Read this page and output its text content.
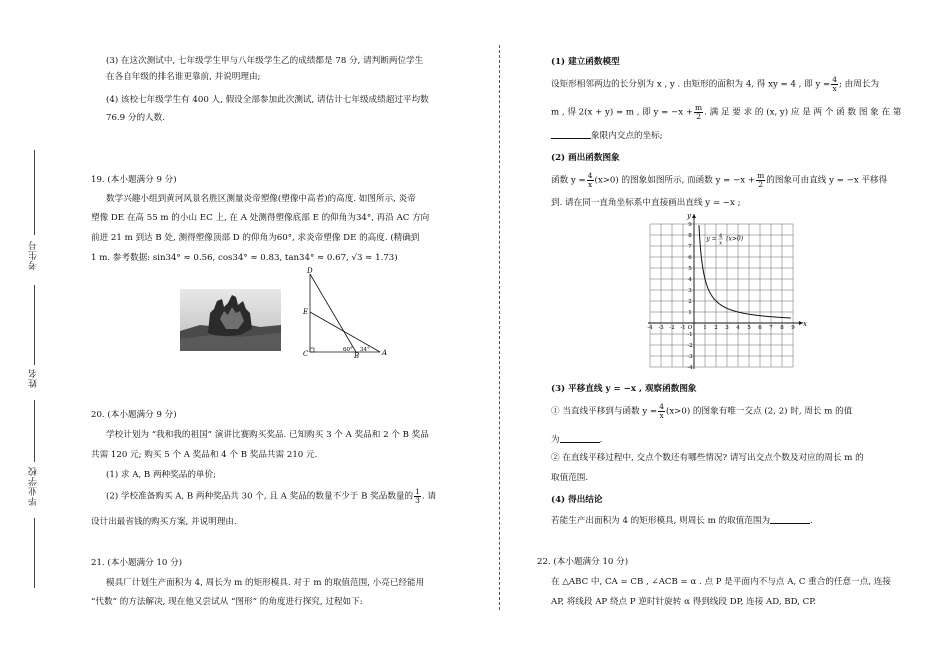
考生号
姓名
毕业学校
(3) 在这次测试中, 七年级学生甲与八年级学生乙的成绩都是 78 分, 请判断两位学生
在各自年级的排名谁更靠前, 并说明理由;
(4) 该校七年级学生有 400 人, 假设全部参加此次测试, 请估计七年级成绩超过平均数
76.9 分的人数.
19. (本小题满分 9 分)
数学兴趣小组到黄河风景名胜区测量炎帝塑像(塑像中高者)的高度. 如图所示, 炎帝
塑像 DE 在高 55 m 的小山 EC 上, 在 A 处测得塑像底部 E 的仰角为34°, 再沿 AC 方向
前进 21 m 到达 B 处, 测得塑像顶部 D 的仰角为60°, 求炎帝塑像 DE 的高度. (精确到
1 m. 参考数据: sin34° ≈ 0.56, cos34° ≈ 0.83, tan34° ≈ 0.67, √3 ≈ 1.73)
D
E
C	B	A
60° 34°
20. (本小题满分 9 分)
学校计划为 “我和我的祖国” 演讲比赛购买奖品. 已知购买 3 个 A 奖品和 2 个 B 奖品
共需 120 元; 购买 5 个 A 奖品和 4 个 B 奖品共需 210 元.
(1) 求 A, B 两种奖品的单价;
(2) 学校准备购买 A, B 两种奖品共 30 个, 且 A 奖品的数量不少于 B 奖品数量的 $\frac{1}{3}$ . 请
设计出最省钱的购买方案, 并说明理由.
21. (本小题满分 10 分)
模具厂计划生产面积为 4, 周长为 m 的矩形模具. 对于 m 的取值范围, 小亮已经能用
“代数” 的方法解决, 现在他又尝试从 “图形” 的角度进行探究, 过程如下:
(1) 建立函数模型
设矩形相邻两边的长分别为 x , y . 由矩形的面积为 4, 得 xy = 4 , 即 $y = \frac{4}{x}$ ; 由周长为
m , 得 2(x + y) = m , 即 $y = -x + \frac{m}{2}$ . 满 足 要 求 的 (x, y) 应 是 两 个 函 数 图 象 在 第
象限内交点的坐标;
(2) 画出函数图象
函数 $y = \frac{4}{x} (x>0)$ 的图象如图所示, 而函数 $y = -x + \frac{m}{2}$ 的图象可由直线 y = −x 平移得
到. 请在同一直角坐标系中直接画出直线 y = −x ;
x
y
O
-4 -3 -2 -1	1 2 3 4 5 6 7 8 9
9
8
7
6
5
4
3
2
1
-1
-2
-3
-4
y = 4
x
(x>0)
(3) 平移直线 y = −x , 观察函数图象
① 当直线平移到与函数 $y = \frac{4}{x} (x>0)$ 的图象有唯一交点 (2, 2) 时, 周长 m 的值
为	.
② 在直线平移过程中, 交点个数还有哪些情况? 请写出交点个数及对应的周长 m 的
取值范围.
(4) 得出结论
若能生产出面积为 4 的矩形模具, 则周长 m 的取值范围为	.
22. (本小题满分 10 分)
在 △ABC 中, CA = CB , ∠ACB = α . 点 P 是平面内不与点 A, C 重合的任意一点, 连接
AP, 将线段 AP 绕点 P 逆时针旋转 α 得到线段 DP, 连接 AD, BD, CP.
